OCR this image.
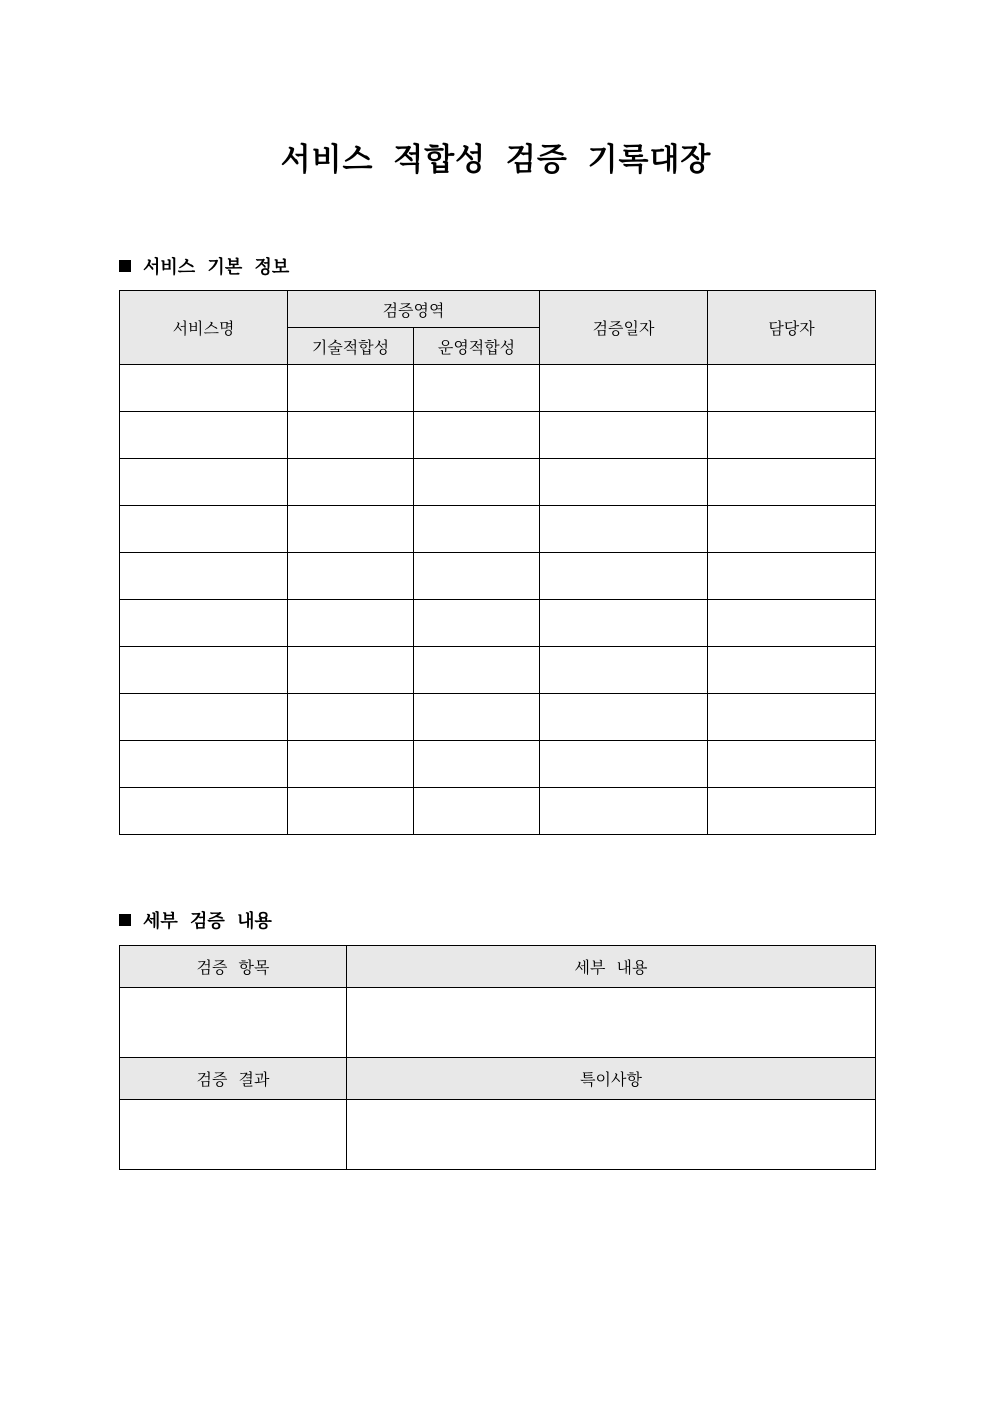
서비스 적합성 검증 기록대장
서비스 기본 정보
서비스명	검증영역		검증일자	담당자
	기술적합성	운영적합성		

세부 검증 내용
검증 항목	세부 내용

검증 결과	특이사항
